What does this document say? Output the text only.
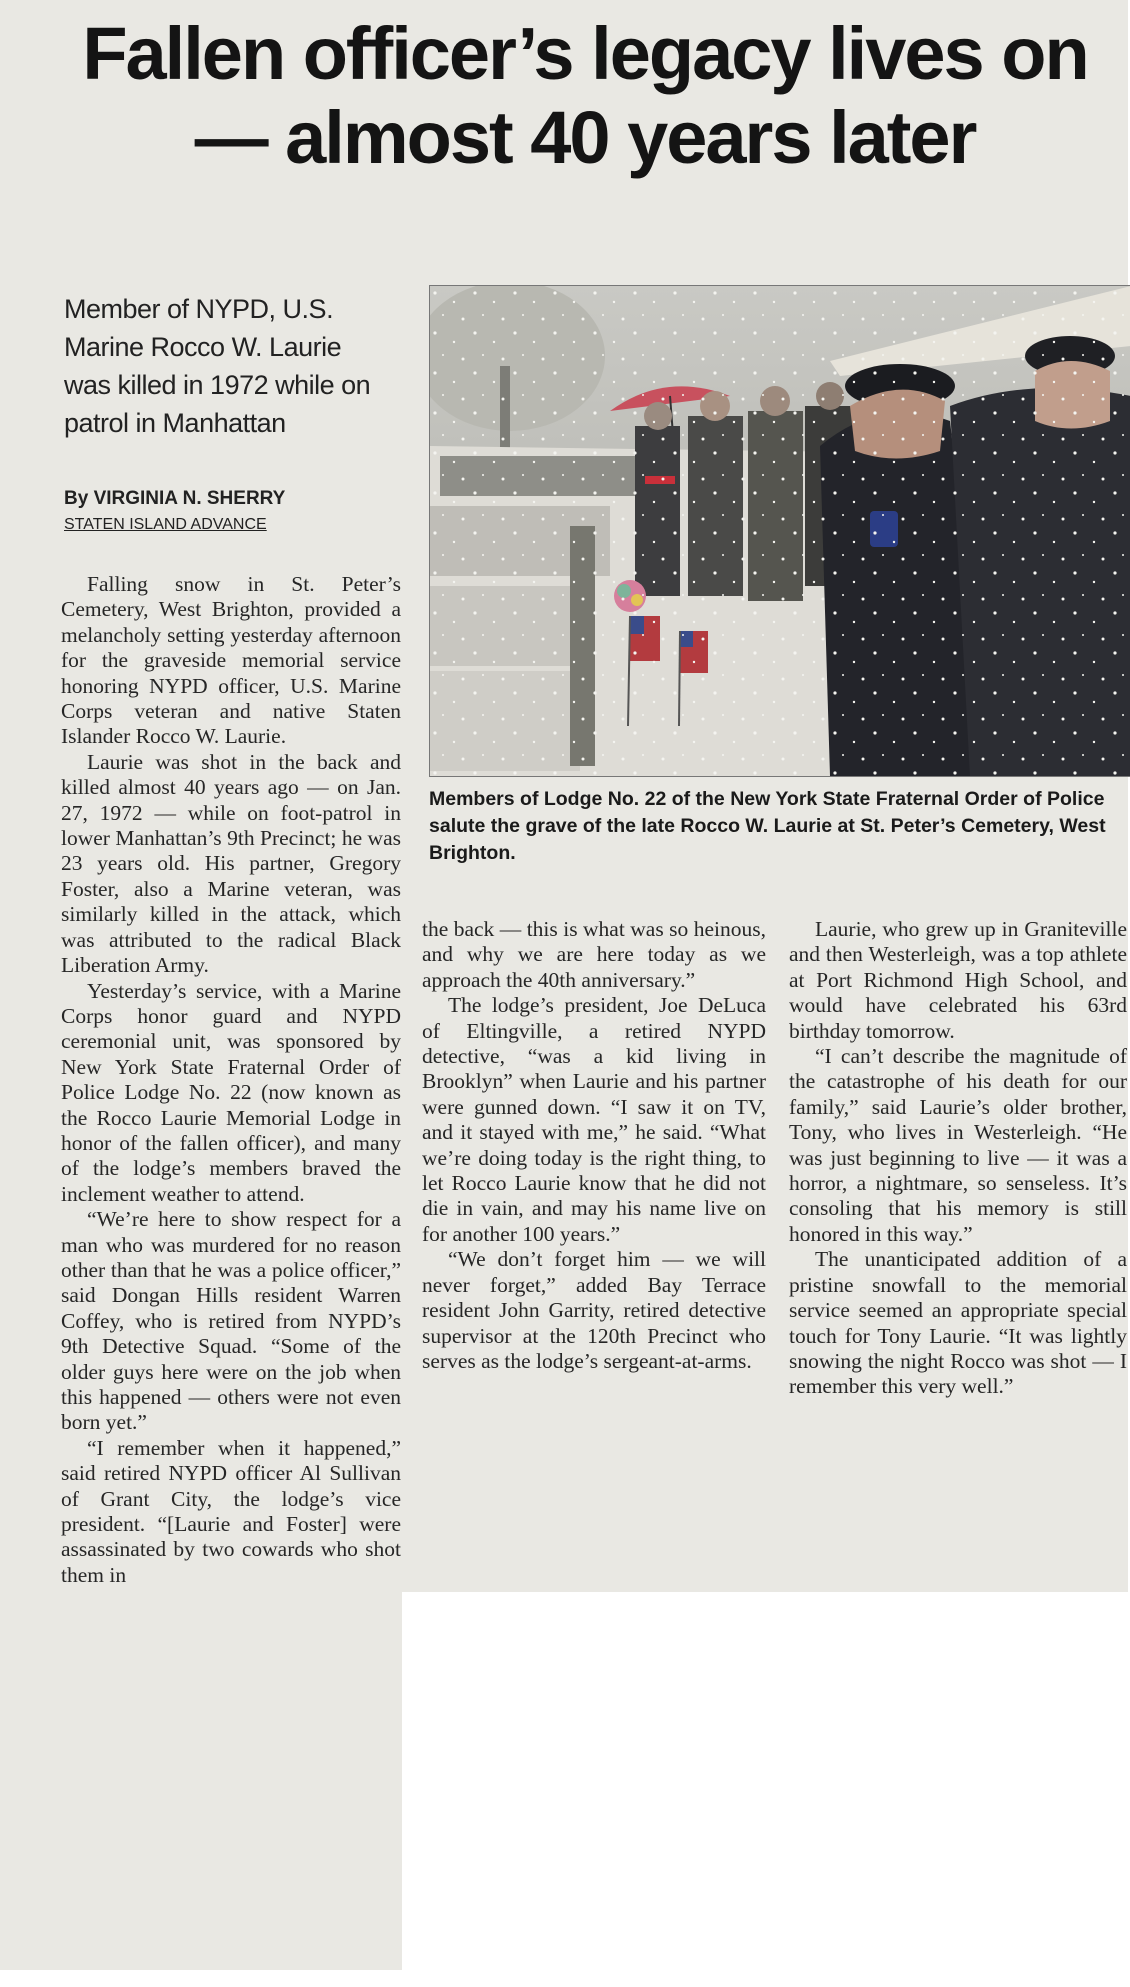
Fallen officer’s legacy lives on
— almost 40 years later
Member of NYPD, U.S. Marine Rocco W. Laurie was killed in 1972 while on patrol in Manhattan
By VIRGINIA N. SHERRY
STATEN ISLAND ADVANCE
Members of Lodge No. 22 of the New York State Fraternal Order of Police salute the grave of the late Rocco W. Laurie at St. Peter’s Cemetery, West Brighton.

Falling snow in St. Peter’s Cemetery, West Brighton, provided a melancholy setting yesterday afternoon for the graveside memorial service honoring NYPD officer, U.S. Marine Corps veteran and native Staten Islander Rocco W. Laurie.

Laurie was shot in the back and killed almost 40 years ago — on Jan. 27, 1972 — while on foot-patrol in lower Manhattan’s 9th Precinct; he was 23 years old. His partner, Gregory Foster, also a Marine veteran, was similarly killed in the attack, which was attributed to the radical Black Liberation Army.

Yesterday’s service, with a Marine Corps honor guard and NYPD ceremonial unit, was sponsored by New York State Fraternal Order of Police Lodge No. 22 (now known as the Rocco Laurie Memorial Lodge in honor of the fallen officer), and many of the lodge’s members braved the inclement weather to attend.

“We’re here to show respect for a man who was murdered for no reason other than that he was a police officer,” said Dongan Hills resident Warren Coffey, who is retired from NYPD’s 9th Detective Squad. “Some of the older guys here were on the job when this happened — others were not even born yet.”

“I remember when it happened,” said retired NYPD officer Al Sullivan of Grant City, the lodge’s vice president. “[Laurie and Foster] were assassinated by two cowards who shot them in

the back — this is what was so heinous, and why we are here today as we approach the 40th anniversary.”

The lodge’s president, Joe DeLuca of Eltingville, a retired NYPD detective, “was a kid living in Brooklyn” when Laurie and his partner were gunned down. “I saw it on TV, and it stayed with me,” he said. “What we’re doing today is the right thing, to let Rocco Laurie know that he did not die in vain, and may his name live on for another 100 years.”

“We don’t forget him — we will never forget,” added Bay Terrace resident John Garrity, retired detective supervisor at the 120th Precinct who serves as the lodge’s sergeant-at-arms.

Laurie, who grew up in Graniteville and then Westerleigh, was a top athlete at Port Richmond High School, and would have celebrated his 63rd birthday tomorrow.

“I can’t describe the magnitude of the catastrophe of his death for our family,” said Laurie’s older brother, Tony, who lives in Westerleigh. “He was just beginning to live — it was a horror, a nightmare, so senseless. It’s consoling that his memory is still honored in this way.”

The unanticipated addition of a pristine snowfall to the memorial service seemed an appropriate special touch for Tony Laurie. “It was lightly snowing the night Rocco was shot — I remember this very well.”
